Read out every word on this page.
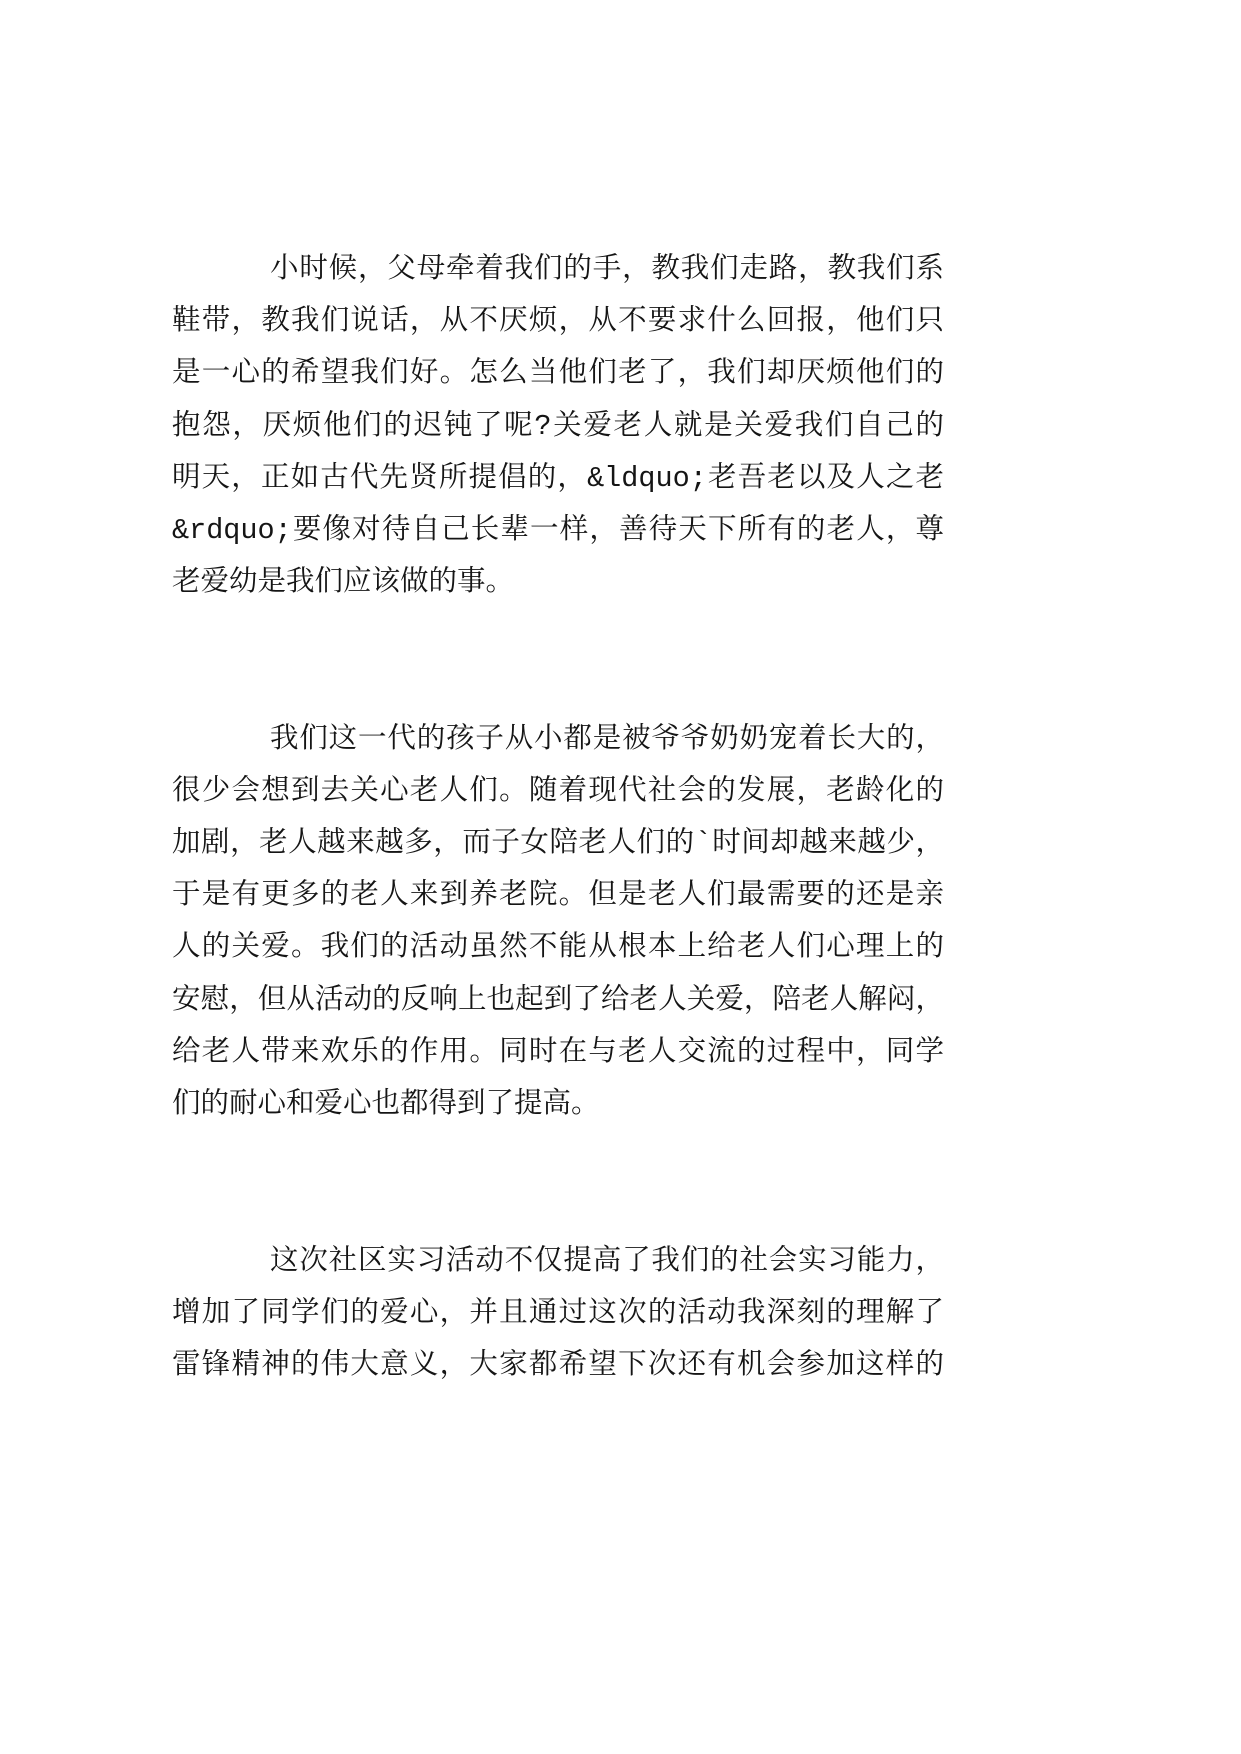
小时候，父母牵着我们的手，教我们走路，教我们系
鞋带，教我们说话，从不厌烦，从不要求什么回报，他们只
是一心的希望我们好。怎么当他们老了，我们却厌烦他们的
抱怨，厌烦他们的迟钝了呢?关爱老人就是关爱我们自己的
明天，正如古代先贤所提倡的，&ldquo;老吾老以及人之老
&rdquo;要像对待自己长辈一样，善待天下所有的老人，尊
老爱幼是我们应该做的事。
我们这一代的孩子从小都是被爷爷奶奶宠着长大的，
很少会想到去关心老人们。随着现代社会的发展，老龄化的
加剧，老人越来越多，而子女陪老人们的`时间却越来越少，
于是有更多的老人来到养老院。但是老人们最需要的还是亲
人的关爱。我们的活动虽然不能从根本上给老人们心理上的
安慰，但从活动的反响上也起到了给老人关爱，陪老人解闷，
给老人带来欢乐的作用。同时在与老人交流的过程中，同学
们的耐心和爱心也都得到了提高。
这次社区实习活动不仅提高了我们的社会实习能力，
增加了同学们的爱心，并且通过这次的活动我深刻的理解了
雷锋精神的伟大意义，大家都希望下次还有机会参加这样的
